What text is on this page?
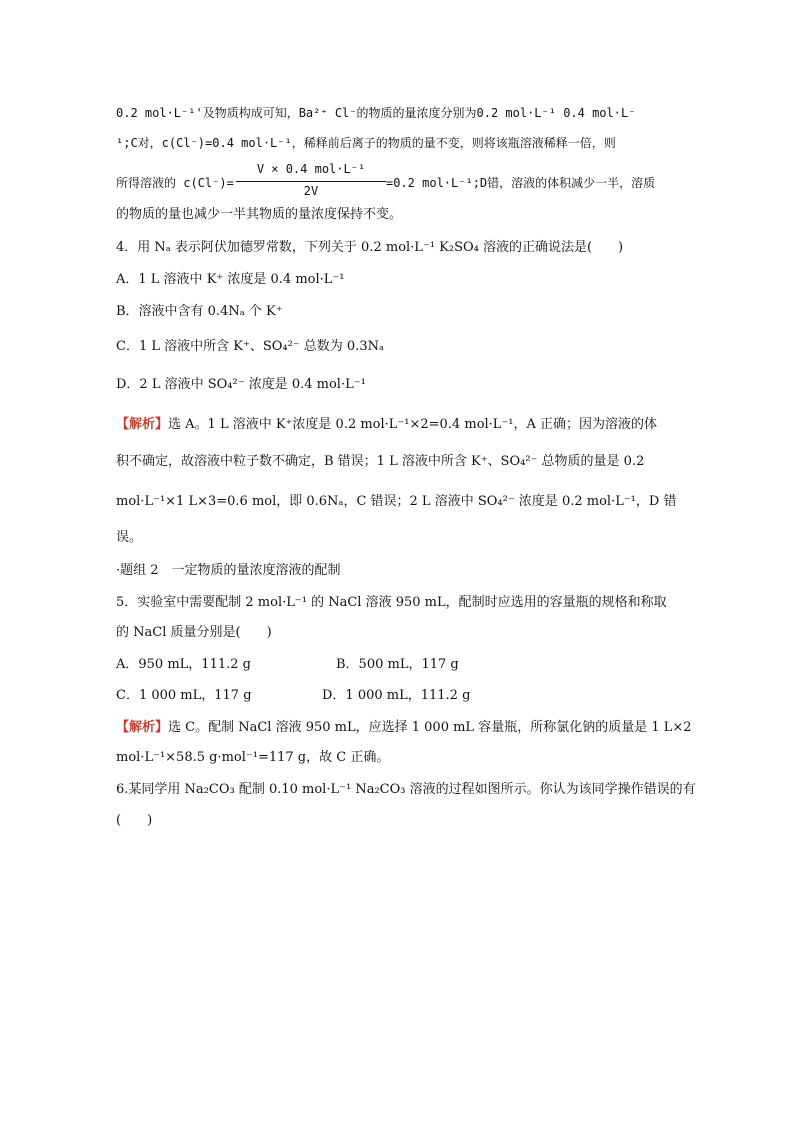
0.2 mol·L⁻¹'及物质构成可知，Ba²⁺ Cl⁻的物质的量浓度分别为0.2 mol·L⁻¹ 0.4 mol·L⁻
¹;C对，c(Cl⁻)=0.4 mol·L⁻¹，稀释前后离子的物质的量不变，则将该瓶溶液稀释一倍，则
所得溶液的 c(Cl⁻)=
V × 0.4 mol·L⁻¹
2V
=0.2 mol·L⁻¹;D错，溶液的体积减少一半，溶质
的物质的量也减少一半其物质的量浓度保持不变。
4．用 Nₐ 表示阿伏加德罗常数，下列关于 0.2 mol·L⁻¹ K₂SO₄ 溶液的正确说法是(　　)
A．1 L 溶液中 K⁺ 浓度是 0.4 mol·L⁻¹
B．溶液中含有 0.4Nₐ 个 K⁺
C．1 L 溶液中所含 K⁺、SO₄²⁻ 总数为 0.3Nₐ
D．2 L 溶液中 SO₄²⁻ 浓度是 0.4 mol·L⁻¹
【解析】选 A。1 L 溶液中 K⁺浓度是 0.2 mol·L⁻¹×2=0.4 mol·L⁻¹，A 正确；因为溶液的体
积不确定，故溶液中粒子数不确定，B 错误；1 L 溶液中所含 K⁺、SO₄²⁻ 总物质的量是 0.2
mol·L⁻¹×1 L×3=0.6 mol，即 0.6Nₐ，C 错误；2 L 溶液中 SO₄²⁻ 浓度是 0.2 mol·L⁻¹，D 错
误。
·题组 2　一定物质的量浓度溶液的配制
5．实验室中需要配制 2 mol·L⁻¹ 的 NaCl 溶液 950 mL，配制时应选用的容量瓶的规格和称取
的 NaCl 质量分别是(　　)
A．950 mL，111.2 g	B．500 mL，117 g
C．1 000 mL，117 g	D．1 000 mL，111.2 g
【解析】选 C。配制 NaCl 溶液 950 mL，应选择 1 000 mL 容量瓶，所称氯化钠的质量是 1 L×2
mol·L⁻¹×58.5 g·mol⁻¹=117 g，故 C 正确。
6.某同学用 Na₂CO₃ 配制 0.10 mol·L⁻¹ Na₂CO₃ 溶液的过程如图所示。你认为该同学操作错误的有
(　　)
